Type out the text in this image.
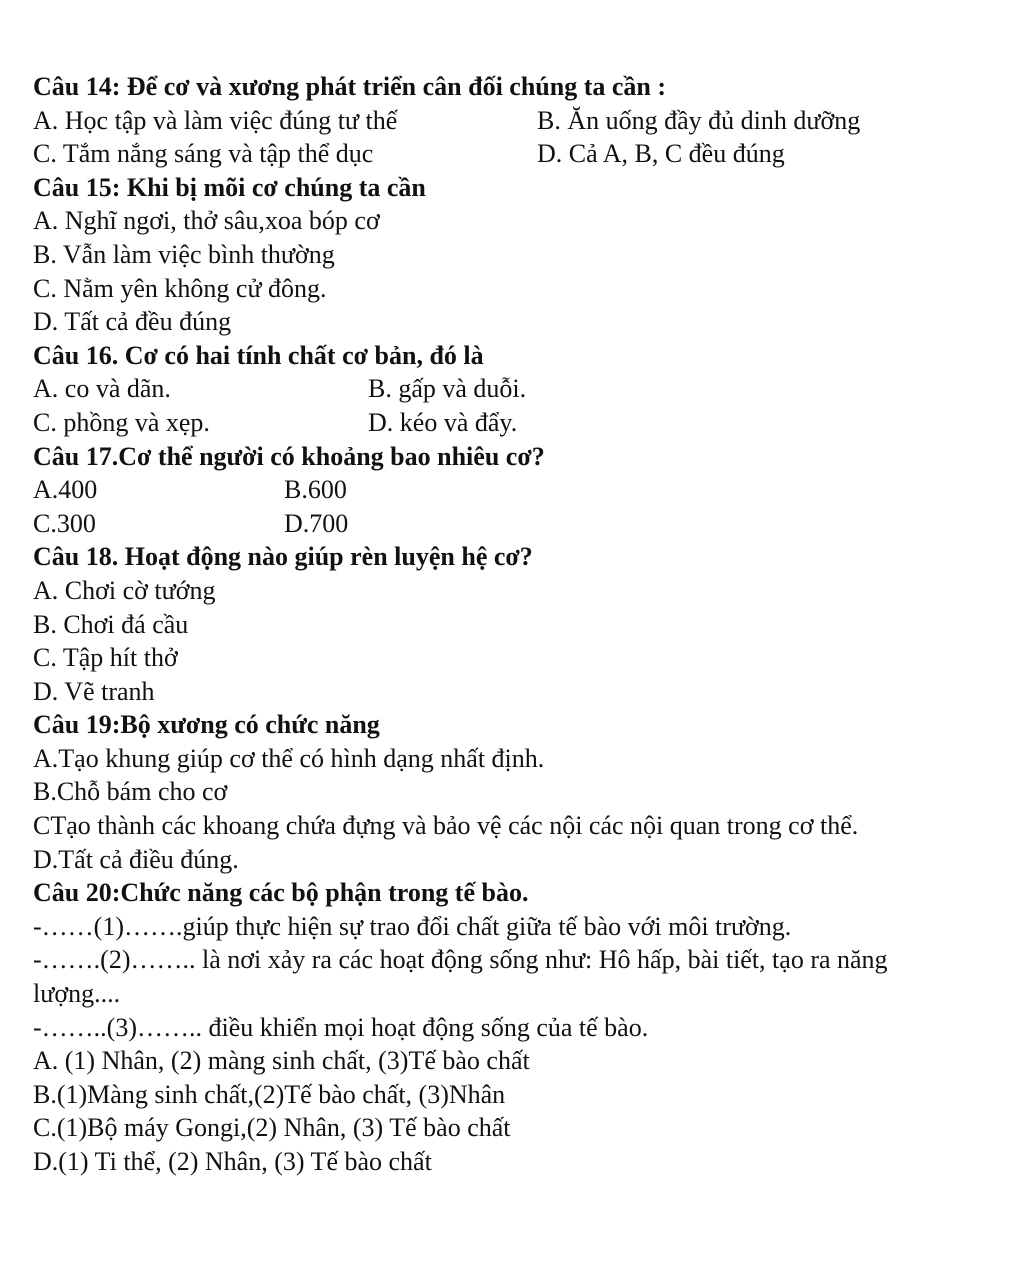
Câu 14: Để cơ và xương phát triển cân đối chúng ta cần :
A. Học tập và làm việc đúng tư thế	B. Ăn uống đầy đủ dinh dưỡng
C. Tắm nắng sáng và tập thể dục	D. Cả A, B, C đều đúng
Câu 15: Khi bị mõi cơ chúng ta cần
A. Nghĩ ngơi, thở sâu,xoa bóp cơ
B. Vẫn làm việc bình thường
C. Nằm yên không cử đông.
D. Tất cả đều đúng
Câu 16. Cơ có hai tính chất cơ bản, đó là
A. co và dãn.	B. gấp và duỗi.
C. phồng và xẹp.	D. kéo và đẩy.
Câu 17.Cơ thể người có khoảng bao nhiêu cơ?
A.400	B.600
C.300	D.700
Câu 18. Hoạt động nào giúp rèn luyện hệ cơ?
A. Chơi cờ tướng
B. Chơi đá cầu
C. Tập hít thở
D. Vẽ tranh
Câu 19:Bộ xương có chức năng
A.Tạo khung giúp cơ thể có hình dạng nhất định.
B.Chỗ bám cho cơ
CTạo thành các khoang chứa đựng và bảo vệ các nội các nội quan trong cơ thể.
D.Tất cả điều đúng.
Câu 20:Chức năng các bộ phận trong tế bào.
-……(1)…….giúp thực hiện sự trao đổi chất giữa tế bào với môi trường.
-…….(2)…….. là nơi xảy ra các hoạt động sống như: Hô hấp, bài tiết, tạo ra năng
lượng....
-……..(3)…….. điều khiển mọi hoạt động sống của tế bào.
A. (1) Nhân, (2) màng sinh chất, (3)Tế bào chất
B.(1)Màng sinh chất,(2)Tế bào chất, (3)Nhân
C.(1)Bộ máy Gongi,(2) Nhân, (3) Tế bào chất
D.(1) Ti thể, (2) Nhân, (3) Tế bào chất
